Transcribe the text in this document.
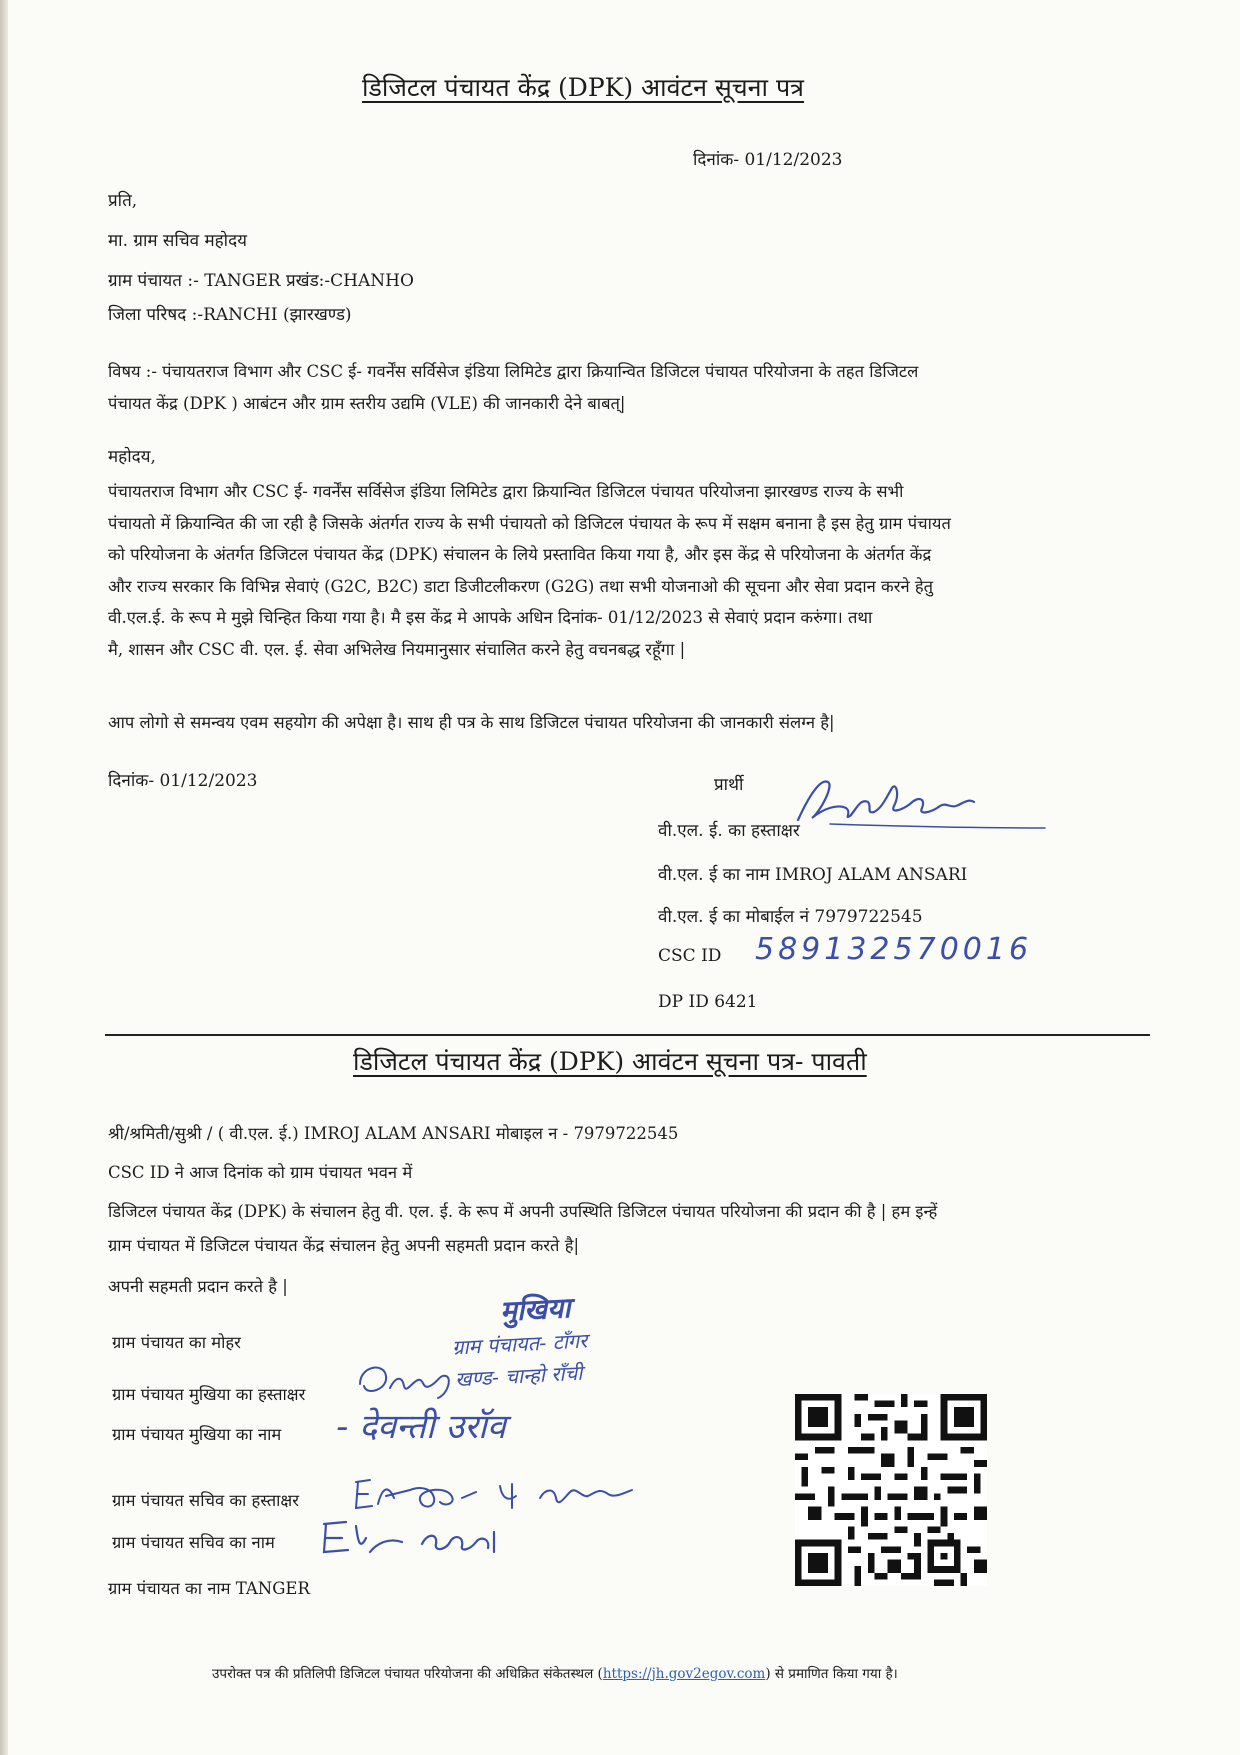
डिजिटल पंचायत केंद्र (DPK) आवंटन सूचना पत्र
दिनांक- 01/12/2023
प्रति,
मा. ग्राम सचिव महोदय
ग्राम पंचायत :- TANGER प्रखंड:-CHANHO
जिला परिषद :-RANCHI (झारखण्ड)
विषय :- पंचायतराज विभाग और CSC ई- गवर्नेंस सर्विसेज इंडिया लिमिटेड द्वारा क्रियान्वित डिजिटल पंचायत परियोजना के तहत डिजिटल
पंचायत केंद्र (DPK ) आबंटन और ग्राम स्तरीय उद्यमि (VLE) की जानकारी देने बाबत्|
महोदय,
पंचायतराज विभाग और CSC ई- गवर्नेंस सर्विसेज इंडिया लिमिटेड द्वारा क्रियान्वित डिजिटल पंचायत परियोजना झारखण्ड राज्य के सभी
पंचायतो में क्रियान्वित की जा रही है जिसके अंतर्गत राज्य के सभी पंचायतो को डिजिटल पंचायत के रूप में सक्षम बनाना है इस हेतु ग्राम पंचायत
को परियोजना के अंतर्गत डिजिटल पंचायत केंद्र (DPK) संचालन के लिये प्रस्तावित किया गया है, और इस केंद्र से परियोजना के अंतर्गत केंद्र
और राज्य सरकार कि विभिन्न सेवाएं (G2C, B2C) डाटा डिजीटलीकरण (G2G) तथा सभी योजनाओ की सूचना और सेवा प्रदान करने हेतु
वी.एल.ई. के रूप मे मुझे चिन्हित किया गया है। मै इस केंद्र मे आपके अधिन दिनांक- 01/12/2023 से सेवाएं प्रदान करुंगा। तथा
मै, शासन और CSC वी. एल. ई. सेवा अभिलेख नियमानुसार संचालित करने हेतु वचनबद्ध रहूँगा |
आप लोगो से समन्वय एवम सहयोग की अपेक्षा है। साथ ही पत्र के साथ डिजिटल पंचायत परियोजना की जानकारी संलग्न है|
दिनांक- 01/12/2023	प्रार्थी
वी.एल. ई. का हस्ताक्षर
वी.एल. ई का नाम IMROJ ALAM ANSARI
वी.एल. ई का मोबाईल नं 7979722545
CSC ID 589132570016
DP ID 6421
डिजिटल पंचायत केंद्र (DPK) आवंटन सूचना पत्र- पावती
श्री/श्रमिती/सुश्री / ( वी.एल. ई.) IMROJ ALAM ANSARI मोबाइल न - 7979722545
CSC ID ने आज दिनांक को ग्राम पंचायत भवन में
डिजिटल पंचायत केंद्र (DPK) के संचालन हेतु वी. एल. ई. के रूप में अपनी उपस्थिति डिजिटल पंचायत परियोजना की प्रदान की है | हम इन्हें
ग्राम पंचायत में डिजिटल पंचायत केंद्र संचालन हेतु अपनी सहमती प्रदान करते है|
अपनी सहमती प्रदान करते है |
मुखिया
ग्राम पंचायत- टाँगर
खण्ड- चान्हो राँची
ग्राम पंचायत का मोहर
ग्राम पंचायत मुखिया का हस्ताक्षर
ग्राम पंचायत मुखिया का नाम - देवन्ती उरॉव
ग्राम पंचायत सचिव का हस्ताक्षर
ग्राम पंचायत सचिव का नाम
ग्राम पंचायत का नाम TANGER
उपरोक्त पत्र की प्रतिलिपी डिजिटल पंचायत परियोजना की अधिक्रित संकेतस्थल (https://jh.gov2egov.com) से प्रमाणित किया गया है।
